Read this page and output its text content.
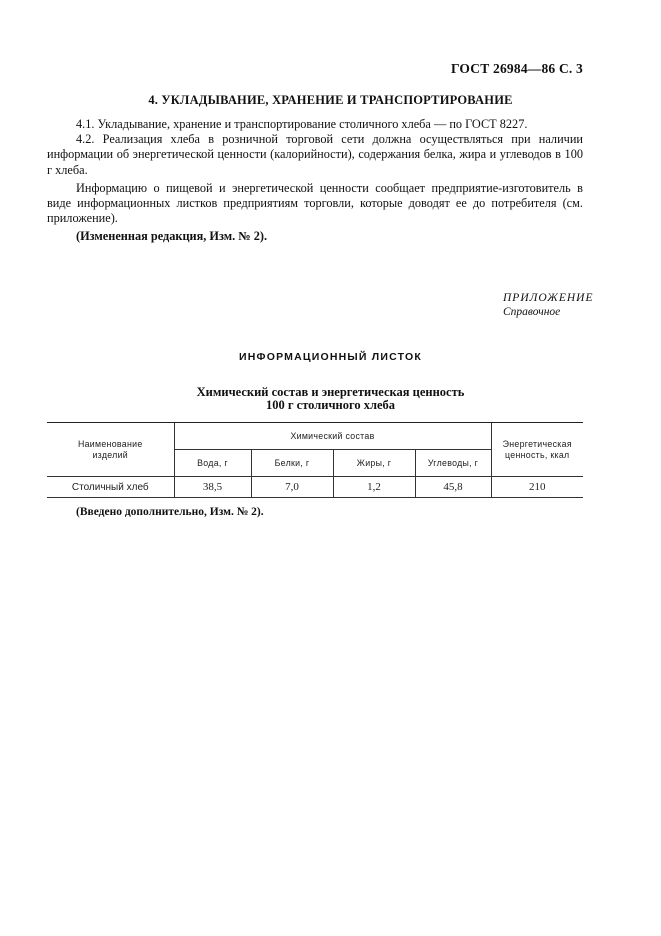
ГОСТ 26984—86 С. 3
4. УКЛАДЫВАНИЕ, ХРАНЕНИЕ И ТРАНСПОРТИРОВАНИЕ

4.1. Укладывание, хранение и транспортирование столичного хлеба — по ГОСТ 8227.

4.2. Реализация хлеба в розничной торговой сети должна осуществляться при наличии информации об энергетической ценности (калорийности), содержания белка, жира и углеводов в 100 г хлеба.

Информацию о пищевой и энергетической ценности сообщает предприятие-изготовитель в виде информационных листков предприятиям торговли, которые доводят ее до потребителя (см. приложение).

(Измененная редакция, Изм. № 2).

ПРИЛОЖЕНИЕ
Справочное
ИНФОРМАЦИОННЫЙ ЛИСТОК
Химический состав и энергетическая ценность
100 г столичного хлеба
Наименование изделий	Химический состав				Энергетическая ценность, ккал
	Вода, г	Белки, г	Жиры, г	Углеводы, г	
Столичный хлеб	38,5	7,0	1,2	45,8	210
(Введено дополнительно, Изм. № 2).
